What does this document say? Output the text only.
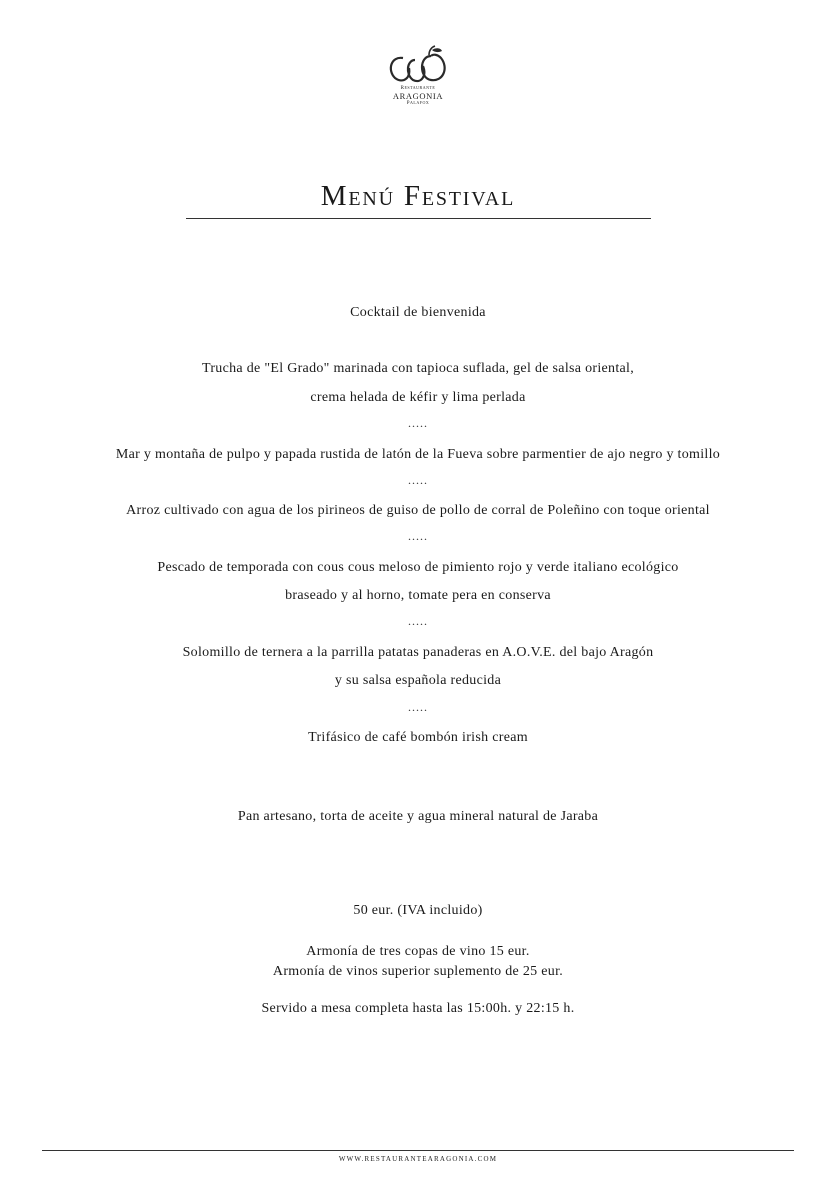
Restaurante
ARAGONIA
Palafox
Menú Festival
Cocktail de bienvenida
Trucha de "El Grado" marinada con tapioca suflada, gel de salsa oriental,
crema helada de kéfir y lima perlada
.....
Mar y montaña de pulpo y papada rustida de latón de la Fueva sobre parmentier de ajo negro y tomillo
.....
Arroz cultivado con agua de los pirineos de guiso de pollo de corral de Poleñino con toque oriental
.....
Pescado de temporada con cous cous meloso de pimiento rojo y verde italiano ecológico
braseado y al horno, tomate pera en conserva
.....
Solomillo de ternera a la parrilla patatas panaderas en A.O.V.E. del bajo Aragón
y su salsa española reducida
.....
Trifásico de café bombón irish cream
Pan artesano, torta de aceite y agua mineral natural de Jaraba
50 eur. (IVA incluido)
Armonía de tres copas de vino 15 eur.
Armonía de vinos superior suplemento de 25 eur.
Servido a mesa completa hasta las 15:00h. y 22:15 h.
WWW.RESTAURANTEARAGONIA.COM
